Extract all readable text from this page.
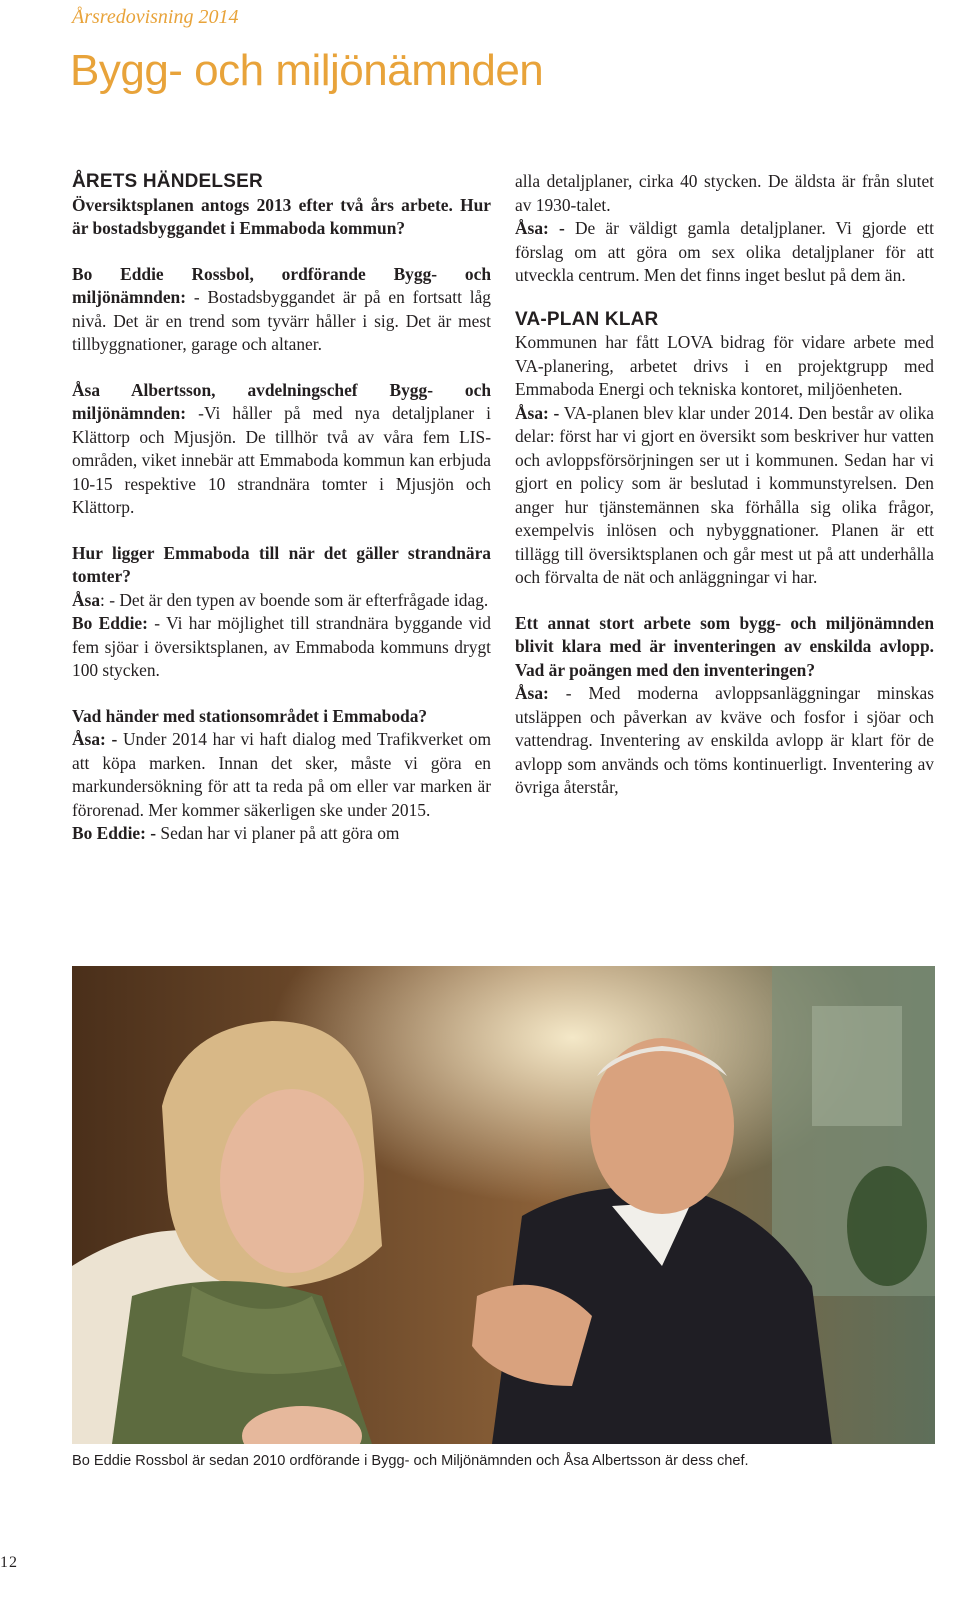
Årsredovisning 2014
Bygg- och miljönämnden
ÅRETS HÄNDELSER

Översiktsplanen antogs 2013 efter två års arbete. Hur är bostadsbyggandet i Emmaboda kommun?

Bo Eddie Rossbol, ordförande Bygg- och miljönämnden: - Bostadsbyggandet är på en fortsatt låg nivå. Det är en trend som tyvärr håller i sig. Det är mest tillbyggnationer, garage och altaner.

Åsa Albertsson, avdelningschef Bygg- och miljönämnden: -Vi håller på med nya detaljplaner i Klättorp och Mjusjön. De tillhör två av våra fem LIS-områden, viket innebär att Emmaboda kommun kan erbjuda 10-15 respektive 10 strandnära tomter i Mjusjön och Klättorp.

Hur ligger Emmaboda till när det gäller strandnära tomter?

Åsa: - Det är den typen av boende som är efterfrågade idag.

Bo Eddie: - Vi har möjlighet till strandnära byggande vid fem sjöar i översiktsplanen, av Emmaboda kommuns drygt 100 stycken.

Vad händer med stationsområdet i Emmaboda?

Åsa: - Under 2014 har vi haft dialog med Trafikverket om att köpa marken. Innan det sker, måste vi göra en markundersökning för att ta reda på om eller var marken är förorenad. Mer kommer säkerligen ske under 2015.

Bo Eddie: - Sedan har vi planer på att göra om

alla detaljplaner, cirka 40 stycken. De äldsta är från slutet av 1930-talet.

Åsa: - De är väldigt gamla detaljplaner. Vi gjorde ett förslag om att göra om sex olika detaljplaner för att utveckla centrum. Men det finns inget beslut på dem än.

VA-PLAN KLAR

Kommunen har fått LOVA bidrag för vidare arbete med VA-planering, arbetet drivs i en projektgrupp med Emmaboda Energi och tekniska kontoret, miljöenheten.

Åsa: - VA-planen blev klar under 2014. Den består av olika delar: först har vi gjort en översikt som beskriver hur vatten och avloppsförsörjningen ser ut i kommunen. Sedan har vi gjort en policy som är beslutad i kommunstyrelsen. Den anger hur tjänstemännen ska förhålla sig olika frågor, exempelvis inlösen och nybyggnationer. Planen är ett tillägg till översiktsplanen och går mest ut på att underhålla och förvalta de nät och anläggningar vi har.

Ett annat stort arbete som bygg- och miljönämnden blivit klara med är inventeringen av enskilda avlopp. Vad är poängen med den inventeringen?

Åsa: - Med moderna avloppsanläggningar minskas utsläppen och påverkan av kväve och fosfor i sjöar och vattendrag. Inventering av enskilda avlopp är klart för de avlopp som används och töms kontinuerligt. Inventering av övriga återstår,

Bo Eddie Rossbol är sedan 2010 ordförande i Bygg- och Miljönämnden och Åsa Albertsson är dess chef.
12
